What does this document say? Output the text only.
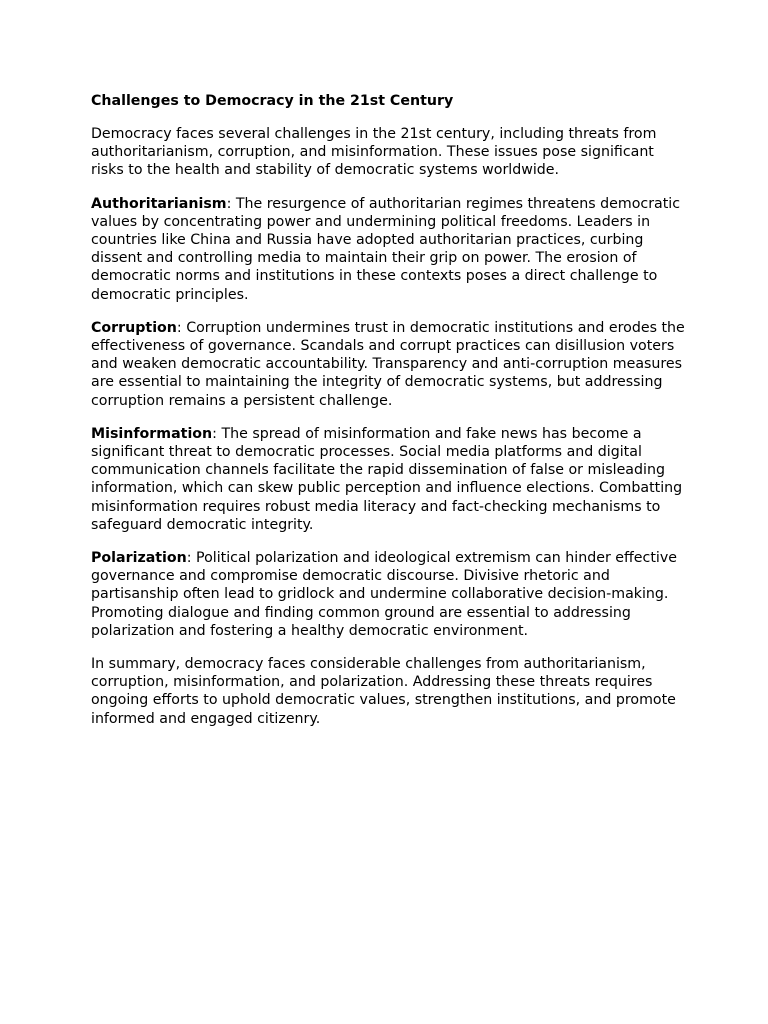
Challenges to Democracy in the 21st Century

Democracy faces several challenges in the 21st century, including threats from authoritarianism, corruption, and misinformation. These issues pose significant risks to the health and stability of democratic systems worldwide.

Authoritarianism: The resurgence of authoritarian regimes threatens democratic values by concentrating power and undermining political freedoms. Leaders in countries like China and Russia have adopted authoritarian practices, curbing dissent and controlling media to maintain their grip on power. The erosion of democratic norms and institutions in these contexts poses a direct challenge to democratic principles.

Corruption: Corruption undermines trust in democratic institutions and erodes the effectiveness of governance. Scandals and corrupt practices can disillusion voters and weaken democratic accountability. Transparency and anti-corruption measures are essential to maintaining the integrity of democratic systems, but addressing corruption remains a persistent challenge.

Misinformation: The spread of misinformation and fake news has become a significant threat to democratic processes. Social media platforms and digital communication channels facilitate the rapid dissemination of false or misleading information, which can skew public perception and influence elections. Combatting misinformation requires robust media literacy and fact-checking mechanisms to safeguard democratic integrity.

Polarization: Political polarization and ideological extremism can hinder effective governance and compromise democratic discourse. Divisive rhetoric and partisanship often lead to gridlock and undermine collaborative decision-making. Promoting dialogue and finding common ground are essential to addressing polarization and fostering a healthy democratic environment.

In summary, democracy faces considerable challenges from authoritarianism, corruption, misinformation, and polarization. Addressing these threats requires ongoing efforts to uphold democratic values, strengthen institutions, and promote informed and engaged citizenry.
